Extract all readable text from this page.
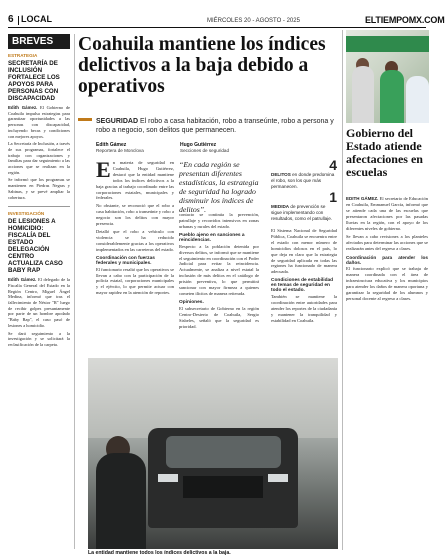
6 LOCAL	MIÉRCOLES 20 - AGOSTO - 2025	ELTIEMPOMX.COM
BREVES
ESTRATEGIA
SECRETARÍA DE INCLUSIÓN FORTALECE LOS APOYOS PARA PERSONAS CON DISCAPACIDAD

Edith Gámez. El Gobierno de Coahuila impulsa estrategias para garantizar oportunidades a las personas con discapacidad, incluyendo becas y condiciones con mejores apoyos.

La Secretaría de Inclusión, a través de sus programas, fortalece el trabajo con organizaciones y familias para dar seguimiento a las acciones que se realizan en la región.

Se informó que los programas se mantienen en Piedras Negras y Sabinas, y se prevé ampliar la cobertura.

INVESTIGACIÓN
DE LESIONES A HOMICIDIO: FISCALÍA DEL ESTADO DELEGACIÓN CENTRO ACTUALIZA CASO BABY RAP

Edith Gámez. El delegado de la Fiscalía General del Estado en la Región Centro, Miguel Ángel Medina, informó que tras el fallecimiento de Néstor "R" luego de recibir golpes presuntamente por parte de un hombre apodado "Baby Rap", el caso pasó de lesiones a homicidio.

Se dará seguimiento a la investigación y se solicitará la reclasificación de la carpeta.

Coahuila mantiene los índices delictivos a la baja debido a operativos
SEGURIDAD El robo a casa habitación, robo a transeúnte, robo a persona y robo a negocio, son delitos que permanecen.
Edith Gámez
Reportera de Monclova
Hugo Gutiérrez
Secciones de seguridad

En materia de seguridad en Coahuila, Hugo Gutiérrez, destacó que la entidad mantiene todos los índices delictivos a la baja gracias al trabajo coordinado entre las corporaciones estatales, municipales y federales.

No obstante, se reconoció que el robo a casa habitación, robo a transeúnte y robo a negocio son los delitos con mayor presencia.

Detalló que el robo a vehículo con violencia se ha reducido considerablemente gracias a los operativos implementados en las carreteras del estado.

Coordinación con fuerzas federales y municipales.

El funcionario resaltó que los operativos se llevan a cabo con la participación de la policía estatal, corporaciones municipales y el ejército, lo que permite actuar con mayor rapidez en la atención de reportes.

“En cada región se presentan diferentes estadísticas, la estrategia de seguridad ha logrado disminuir los índices de delitos”.

contacto se continúa la prevención, patrullaje y recorridos intensivos en zonas urbanas y rurales del estado.

Pueblo ajeno en sanciones a reincidencias.

Respecto a la población detenida por diversos delitos, se informó que se mantiene el seguimiento en coordinación con el Poder Judicial para evitar la reincidencia. Actualmente, se analiza a nivel estatal la inclusión de más delitos en el catálogo de prisión preventiva, lo que permitirá sancionar con mayor firmeza a quienes cometen ilícitos de manera reiterada.

Opiniones.

El subsecretario de Gobierno en la región Centro-Desierto de Coahuila, Sergio Sisbeles, señaló que la seguridad es prioridad.

4
DELITOS en donde predomina el robo, son los que más permanecen.
1
MEDIDA de prevención se sigue implementando con resultados, como el patrullaje.

El Sistema Nacional de Seguridad Pública, Coahuila se encuentra entre el estado con menor número de homicidios dolosos en el país, lo que deja en claro que la estrategia de seguridad aplicada en todas las regiones ha funcionado de manera adecuada.

Condiciones de estabilidad en temas de seguridad en todo el estado.

También se mantiene la coordinación entre autoridades para atender los reportes de la ciudadanía y mantener la tranquilidad y estabilidad en Coahuila.

La entidad mantiene todos los índices delictivos a la baja.
Gobierno del Estado atiende afectaciones en escuelas

EDITH GÁMEZ. El secretario de Educación en Coahuila, Emmanuel García, informó que se atiende cada una de las escuelas que presentaron afectaciones por las pasadas lluvias en la región, con el apoyo de los diferentes niveles de gobierno.

Se llevan a cabo revisiones a los planteles afectados para determinar las acciones que se realizarán antes del regreso a clases.

Coordinación para atender los daños.

El funcionario explicó que se trabaja de manera coordinada con el área de infraestructura educativa y los municipios para atender los daños de manera oportuna y garantizar la seguridad de los alumnos y personal docente al regreso a clases.
